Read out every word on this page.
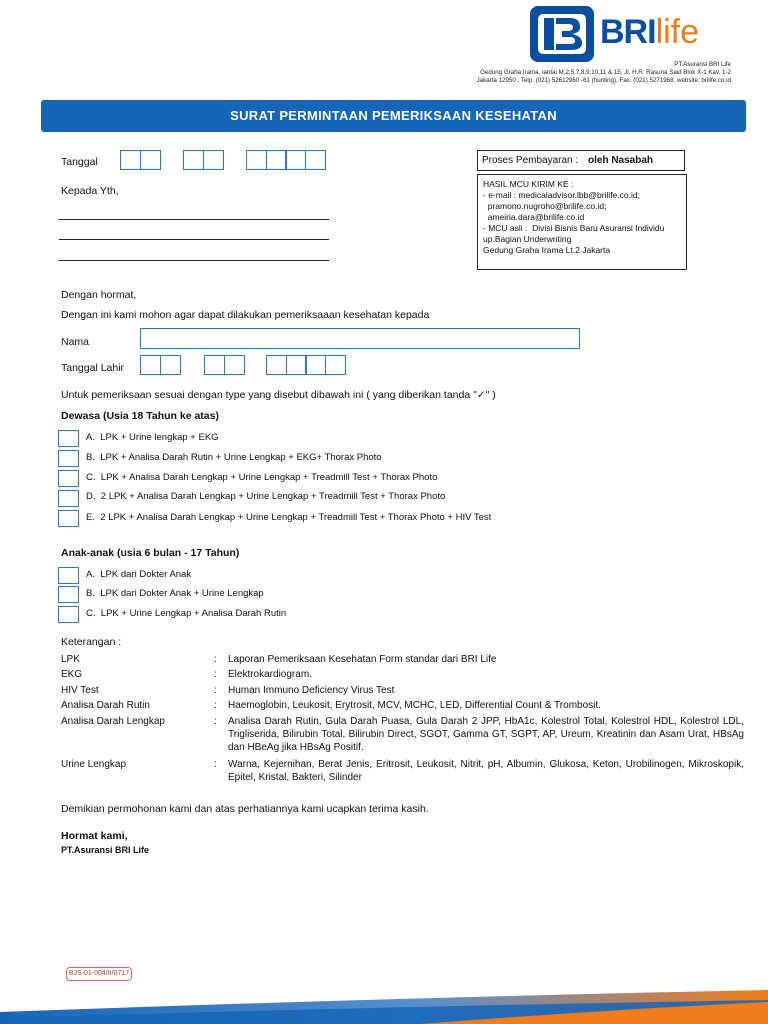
BRIlife
PT.Asuransi BRI Life
Gedung Graha Irama, lantai M,2,5,7,8,9,10,11 & 15, Jl. H.R. Rasuna Said Blok X-1 Kav. 1-2
Jakarta 12950 . Telp. (021) 52612960 -61 (hunting), Fax. (021) 5271968, website: brilife.co.id
SURAT PERMINTAAN PEMERIKSAAN KESEHATAN
Tanggal
Kepada Yth,
Proses Pembayaran : oleh Nasabah
HASIL MCU KIRIM KE :
- e-mail : medicaladvisor.lbb@brilife.co.id;
pramono.nugroho@brilife.co.id;
ameiria.dara@brilife.co.id
- MCU asli :  Divisi Bisnis Baru Asuransi Individu
up.Bagian Underwriting
Gedung Graha Irama Lt.2 Jakarta
Dengan hormat,
Dengan ini kami mohon agar dapat dilakukan pemeriksaaan kesehatan kepada
Nama
Tanggal Lahir
Untuk pemeriksaan sesuai dengan type yang disebut dibawah ini ( yang diberikan tanda "✓" )
Dewasa (Usia 18 Tahun ke atas)
A. LPK + Urine lengkap + EKG
B. LPK + Analisa Darah Rutin + Urine Lengkap + EKG+ Thorax Photo
C. LPK + Analisa Darah Lengkap + Urine Lengkap + Treadmill Test + Thorax Photo
D. 2 LPK + Analisa Darah Lengkap + Urine Lengkap + Treadmill Test + Thorax Photo
E. 2 LPK + Analisa Darah Lengkap + Urine Lengkap + Treadmill Test + Thorax Photo + HIV Test
Anak-anak (usia 6 bulan - 17 Tahun)
A. LPK dari Dokter Anak
B. LPK dari Dokter Anak + Urine Lengkap
C. LPK + Urine Lengkap + Analisa Darah Rutin
Keterangan :
LPK	: Laporan Pemeriksaan Kesehatan Form standar dari BRI Life
EKG	: Elektrokardiogram.
HIV Test	: Human Immuno Deficiency Virus Test
Analisa Darah Rutin	: Haemoglobin, Leukosit, Erytrosit, MCV, MCHC, LED, Differential Count & Trombosit.
Analisa Darah Lengkap	: Analisa Darah Rutin, Gula Darah Puasa, Gula Darah 2 JPP, HbA1c, Kolestrol Total, Kolestrol HDL, Kolestrol LDL, Trigliserida, Bilirubin Total, Bilirubin Direct, SGOT, Gamma GT, SGPT, AP, Ureum, Kreatinin dan Asam Urat, HBsAg dan HBeAg jika HBsAg Positif.
Urine Lengkap	: Warna, Kejernihan, Berat Jenis, Eritrosit, Leukosit, Nitrit, pH, Albumin, Glukosa, Keton, Urobilinogen, Mikroskopik, Epitel, Kristal, Bakteri, Silinder
Demikian permohonan kami dan atas perhatiannya kami ucapkan terima kasih.
Hormat kami,
PT.Asuransi BRI Life
BJS-01-004/II/0717
